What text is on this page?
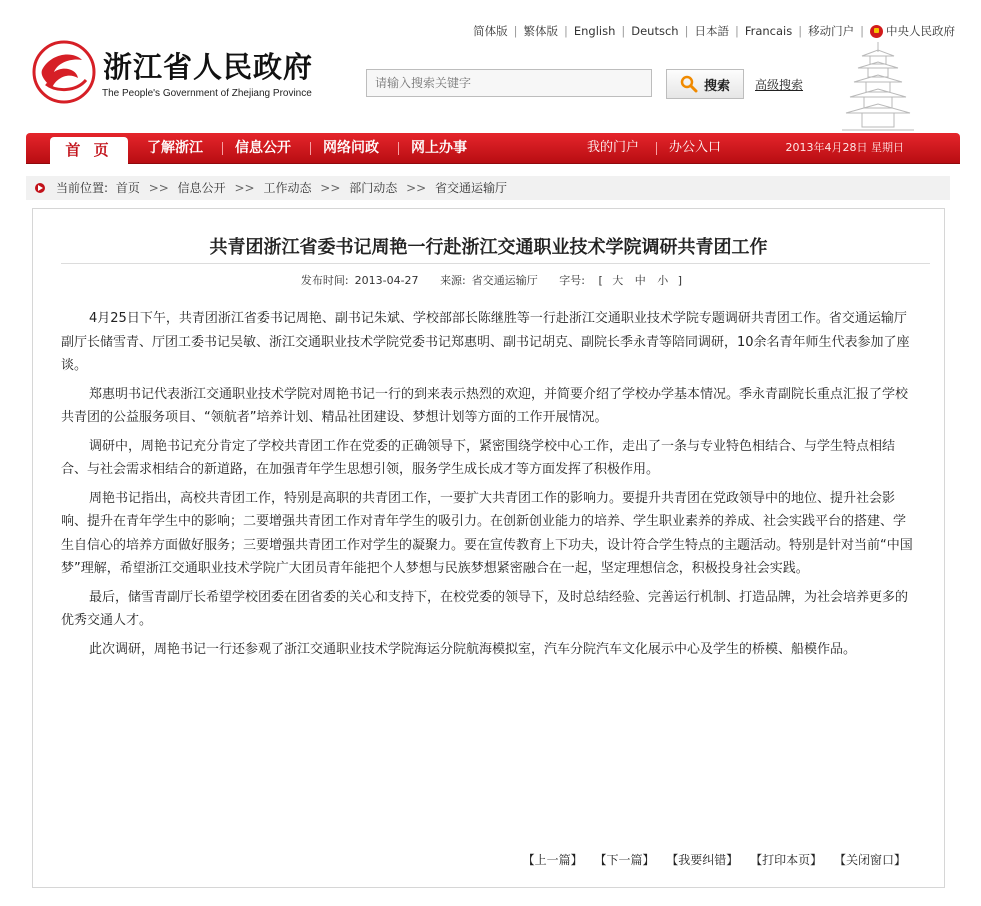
浙江省人民政府
The People's Government of Zhejiang Province
简体版 | 繁体版 | English | Deutsch | 日本語 | Francais | 移动门户 | 中央人民政府
请输入搜索关键字
搜索 高级搜索
首 页	了解浙江 信息公开 网络问政 网上办事	我的门户 办公入口	2013年4月28日 星期日
当前位置: 首页 >> 信息公开 >> 工作动态 >> 部门动态 >> 省交通运输厅
共青团浙江省委书记周艳一行赴浙江交通职业技术学院调研共青团工作
发布时间: 2013-04-27 来源: 省交通运输厅 字号: [ 大 中 小 ]

4月25日下午，共青团浙江省委书记周艳、副书记朱斌、学校部部长陈继胜等一行赴浙江交通职业技术学院专题调研共青团工作。省交通运输厅副厅长储雪青、厅团工委书记吴敏、浙江交通职业技术学院党委书记郑惠明、副书记胡克、副院长季永青等陪同调研，10余名青年师生代表参加了座谈。

郑惠明书记代表浙江交通职业技术学院对周艳书记一行的到来表示热烈的欢迎，并简要介绍了学校办学基本情况。季永青副院长重点汇报了学校共青团的公益服务项目、“领航者”培养计划、精品社团建设、梦想计划等方面的工作开展情况。

调研中，周艳书记充分肯定了学校共青团工作在党委的正确领导下，紧密围绕学校中心工作，走出了一条与专业特色相结合、与学生特点相结合、与社会需求相结合的新道路，在加强青年学生思想引领，服务学生成长成才等方面发挥了积极作用。

周艳书记指出，高校共青团工作，特别是高职的共青团工作，一要扩大共青团工作的影响力。要提升共青团在党政领导中的地位、提升社会影响、提升在青年学生中的影响；二要增强共青团工作对青年学生的吸引力。在创新创业能力的培养、学生职业素养的养成、社会实践平台的搭建、学生自信心的培养方面做好服务；三要增强共青团工作对学生的凝聚力。要在宣传教育上下功夫，设计符合学生特点的主题活动。特别是针对当前“中国梦”理解，希望浙江交通职业技术学院广大团员青年能把个人梦想与民族梦想紧密融合在一起，坚定理想信念，积极投身社会实践。

最后，储雪青副厅长希望学校团委在团省委的关心和支持下，在校党委的领导下，及时总结经验、完善运行机制、打造品牌，为社会培养更多的优秀交通人才。

此次调研，周艳书记一行还参观了浙江交通职业技术学院海运分院航海模拟室，汽车分院汽车文化展示中心及学生的桥模、船模作品。

【上一篇】 【下一篇】 【我要纠错】 【打印本页】 【关闭窗口】
